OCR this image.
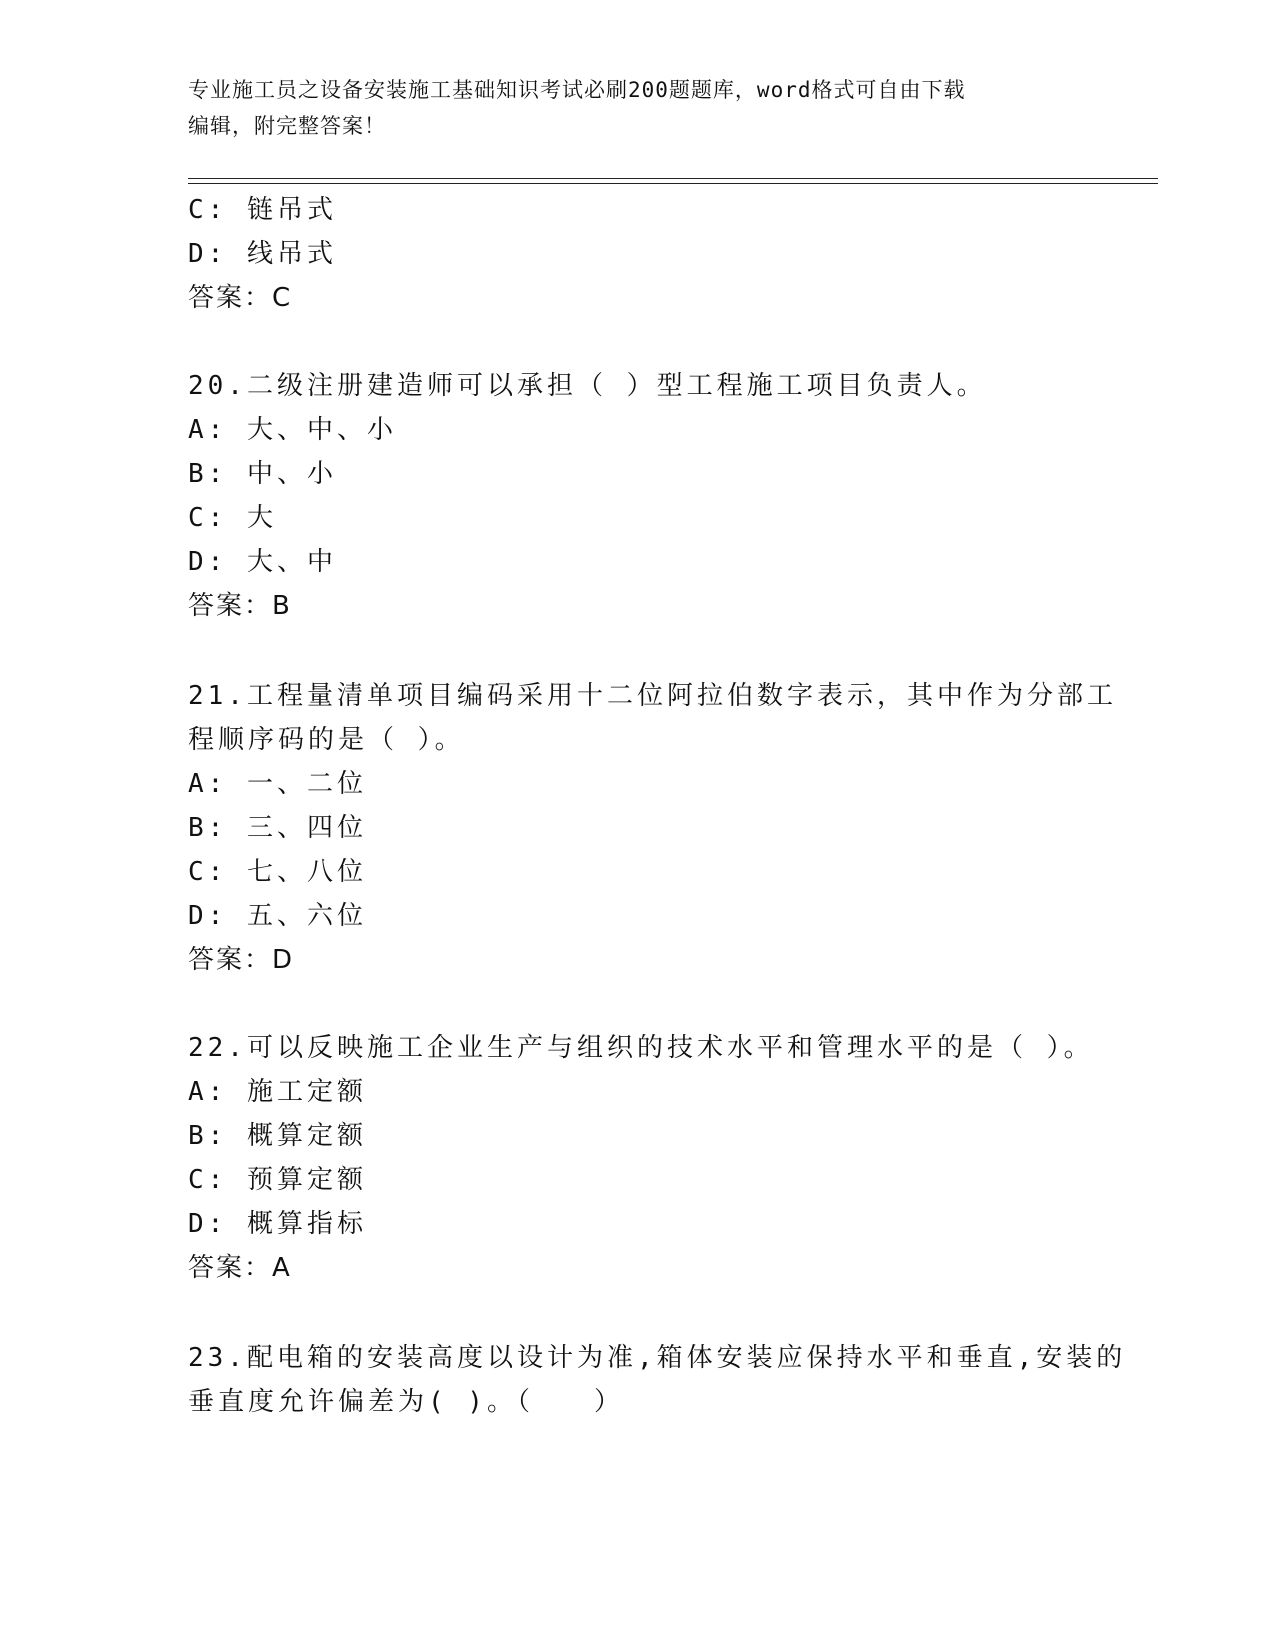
专业施工员之设备安装施工基础知识考试必刷200题题库，word格式可自由下载
编辑，附完整答案！
C: 链吊式
D: 线吊式
答案：C
20.二级注册建造师可以承担（ ）型工程施工项目负责人。
A: 大、中、小
B: 中、小
C: 大
D: 大、中
答案：B
21.工程量清单项目编码采用十二位阿拉伯数字表示，其中作为分部工
程顺序码的是（ ）。
A: 一、二位
B: 三、四位
C: 七、八位
D: 五、六位
答案：D
22.可以反映施工企业生产与组织的技术水平和管理水平的是（ ）。
A: 施工定额
B: 概算定额
C: 预算定额
D: 概算指标
答案：A
23.配电箱的安装高度以设计为准,箱体安装应保持水平和垂直,安装的
垂直度允许偏差为( )。（　　）
